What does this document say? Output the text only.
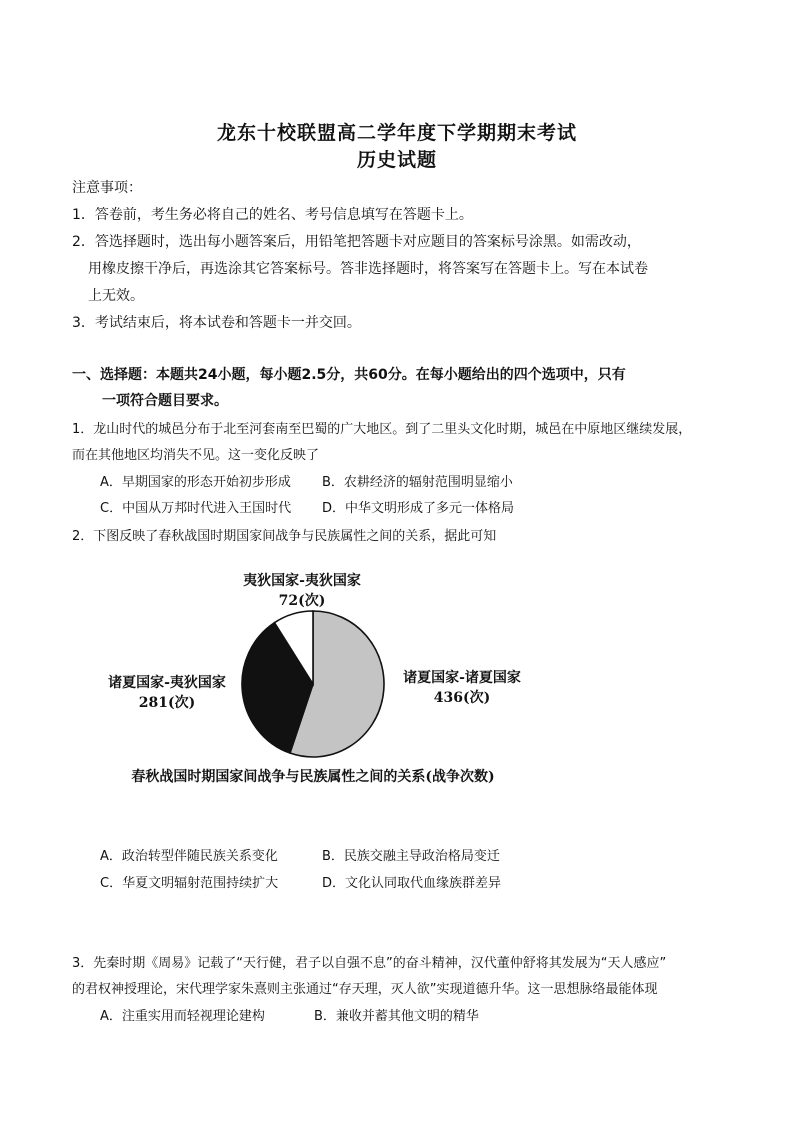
龙东十校联盟高二学年度下学期期末考试
历史试题
注意事项：
1．答卷前，考生务必将自己的姓名、考号信息填写在答题卡上。
2．答选择题时，选出每小题答案后，用铅笔把答题卡对应题目的答案标号涂黑。如需改动，
用橡皮擦干净后，再选涂其它答案标号。答非选择题时，将答案写在答题卡上。写在本试卷
上无效。
3．考试结束后，将本试卷和答题卡一并交回。
一、选择题：本题共24小题，每小题2.5分，共60分。在每小题给出的四个选项中，只有
一项符合题目要求。
1．龙山时代的城邑分布于北至河套南至巴蜀的广大地区。到了二里头文化时期，城邑在中原地区继续发展，
而在其他地区均消失不见。这一变化反映了
A．早期国家的形态开始初步形成 B．农耕经济的辐射范围明显缩小
C．中国从万邦时代进入王国时代 D．中华文明形成了多元一体格局
2．下图反映了春秋战国时期国家间战争与民族属性之间的关系，据此可知
夷狄国家-夷狄国家
72(次)
诸夏国家-夷狄国家
281(次)
诸夏国家-诸夏国家
436(次)
春秋战国时期国家间战争与民族属性之间的关系(战争次数)
A．政治转型伴随民族关系变化	B．民族交融主导政治格局变迁
C．华夏文明辐射范围持续扩大	D．文化认同取代血缘族群差异
3．先秦时期《周易》记载了“天行健，君子以自强不息”的奋斗精神，汉代董仲舒将其发展为“天人感应”
的君权神授理论，宋代理学家朱熹则主张通过“存天理，灭人欲”实现道德升华。这一思想脉络最能体现
A．注重实用而轻视理论建构	B．兼收并蓄其他文明的精华
